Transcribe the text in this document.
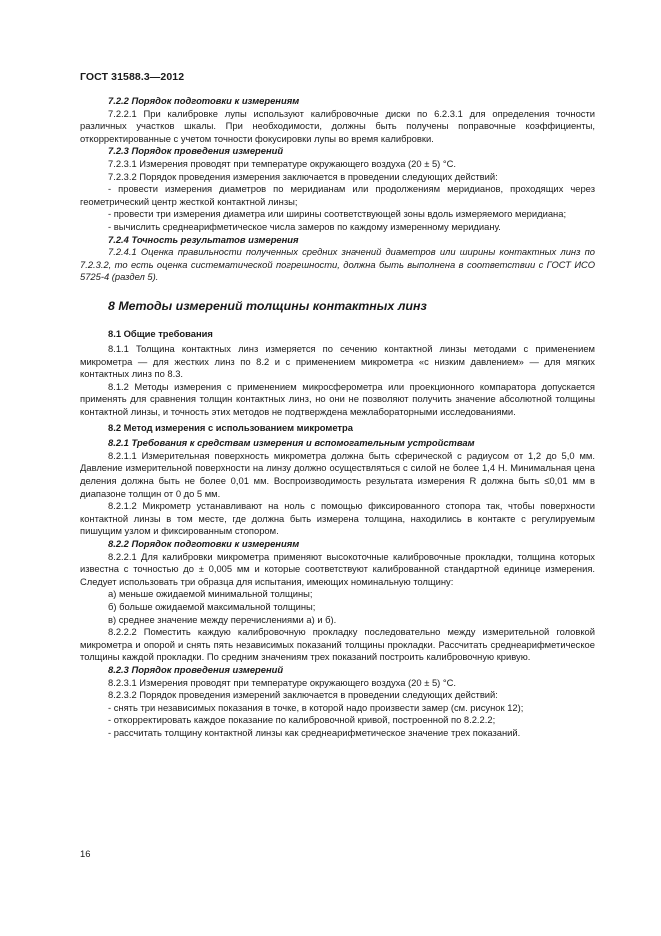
ГОСТ 31588.3—2012

7.2.2 Порядок подготовки к измерениям

7.2.2.1 При калибровке лупы используют калибровочные диски по 6.2.3.1 для определения точности различных участков шкалы. При необходимости, должны быть получены поправочные коэффициенты, откорректированные с учетом точности фокусировки лупы во время калибровки.

7.2.3 Порядок проведения измерений

7.2.3.1 Измерения проводят при температуре окружающего воздуха (20 ± 5) °С.

7.2.3.2 Порядок проведения измерения заключается в проведении следующих действий:

- провести измерения диаметров по меридианам или продолжениям меридианов, проходящих через геометрический центр жесткой контактной линзы;

- провести три измерения диаметра или ширины соответствующей зоны вдоль измеряемого меридиана;

- вычислить среднеарифметическое числа замеров по каждому измеренному меридиану.

7.2.4 Точность результатов измерения

7.2.4.1 Оценка правильности полученных средних значений диаметров или ширины контактных линз по 7.2.3.2, то есть оценка систематической погрешности, должна быть выполнена в соответствии с ГОСТ ИСО 5725-4 (раздел 5).

8 Методы измерений толщины контактных линз

8.1 Общие требования

8.1.1 Толщина контактных линз измеряется по сечению контактной линзы методами с применением микрометра — для жестких линз по 8.2 и с применением микрометра «с низким давлением» — для мягких контактных линз по 8.3.

8.1.2 Методы измерения с применением микросферометра или проекционного компаратора допускается применять для сравнения толщин контактных линз, но они не позволяют получить значение абсолютной толщины контактной линзы, и точность этих методов не подтверждена межлабораторными исследованиями.

8.2 Метод измерения с использованием микрометра

8.2.1 Требования к средствам измерения и вспомогательным устройствам

8.2.1.1 Измерительная поверхность микрометра должна быть сферической с радиусом от 1,2 до 5,0 мм. Давление измерительной поверхности на линзу должно осуществляться с силой не более 1,4 Н. Минимальная цена деления должна быть не более 0,01 мм. Воспроизводимость результата измерения R должна быть ≤0,01 мм в диапазоне толщин от 0 до 5 мм.

8.2.1.2 Микрометр устанавливают на ноль с помощью фиксированного стопора так, чтобы поверхности контактной линзы в том месте, где должна быть измерена толщина, находились в контакте с регулируемым пишущим узлом и фиксированным стопором.

8.2.2 Порядок подготовки к измерениям

8.2.2.1 Для калибровки микрометра применяют высокоточные калибровочные прокладки, толщина которых известна с точностью до ± 0,005 мм и которые соответствуют калиброванной стандартной единице измерения. Следует использовать три образца для испытания, имеющих номинальную толщину:

а) меньше ожидаемой минимальной толщины;

б) больше ожидаемой максимальной толщины;

в) среднее значение между перечислениями а) и б).

8.2.2.2 Поместить каждую калибровочную прокладку последовательно между измерительной головкой микрометра и опорой и снять пять независимых показаний толщины прокладки. Рассчитать среднеарифметическое толщины каждой прокладки. По средним значениям трех показаний построить калибровочную кривую.

8.2.3 Порядок проведения измерений

8.2.3.1 Измерения проводят при температуре окружающего воздуха (20 ± 5) °С.

8.2.3.2 Порядок проведения измерений заключается в проведении следующих действий:

- снять три независимых показания в точке, в которой надо произвести замер (см. рисунок 12);

- откорректировать каждое показание по калибровочной кривой, построенной по 8.2.2.2;

- рассчитать толщину контактной линзы как среднеарифметическое значение трех показаний.

16
